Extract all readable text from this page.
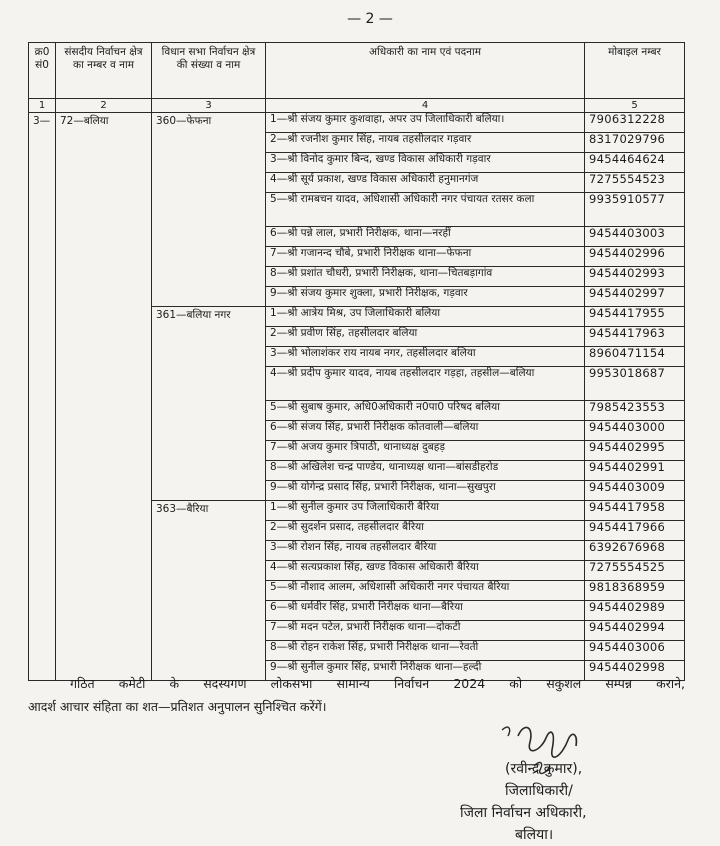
— 2 —
क्र0 सं0	संसदीय निर्वाचन क्षेत्र का नम्बर व नाम	विधान सभा निर्वाचन क्षेत्र की संख्या व नाम	अधिकारी का नाम एवं पदनाम	मोबाइल नम्बर
1	2	3	4	5
3—	72—बलिया	360—फेफना	1—श्री संजय कुमार कुशवाहा, अपर उप जिलाधिकारी बलिया।	7906312228
			2—श्री रजनीश कुमार सिंह, नायब तहसीलदार गड़वार	8317029796
			3—श्री विनोद कुमार बिन्द, खण्ड विकास अधिकारी गड़वार	9454464624
			4—श्री सूर्य प्रकाश, खण्ड विकास अधिकारी हनुमानगंज	7275554523
			5—श्री रामबचन यादव, अधिशासी अधिकारी नगर पंचायत रतसर कला	9935910577
			6—श्री पन्ने लाल, प्रभारी निरीक्षक, थाना—नरहीं	9454403003
			7—श्री गजानन्द चौबे, प्रभारी निरीक्षक थाना—फेफना	9454402996
			8—श्री प्रशांत चौधरी, प्रभारी निरीक्षक, थाना—चितबड़ागांव	9454402993
			9—श्री संजय कुमार शुक्ला, प्रभारी निरीक्षक, गड़वार	9454402997
		361—बलिया नगर	1—श्री आत्रेय मिश्र, उप जिलाधिकारी बलिया	9454417955
			2—श्री प्रवीण सिंह, तहसीलदार बलिया	9454417963
			3—श्री भोलाशंकर राय नायब नगर, तहसीलदार बलिया	8960471154
			4—श्री प्रदीप कुमार यादव, नायब तहसीलदार गड़हा, तहसील—बलिया	9953018687
			5—श्री सुबाष कुमार, अधि0अधिकारी न0पा0 परिषद बलिया	7985423553
			6—श्री संजय सिंह, प्रभारी निरीक्षक कोतवाली—बलिया	9454403000
			7—श्री अजय कुमार त्रिपाठी, थानाध्यक्ष दुबहड़	9454402995
			8—श्री अखिलेश चन्द्र पाण्डेय, थानाध्यक्ष थाना—बांसडीहरोड	9454402991
			9—श्री योगेन्द्र प्रसाद सिंह, प्रभारी निरीक्षक, थाना—सुखपुरा	9454403009
		363—बैरिया	1—श्री सुनील कुमार उप जिलाधिकारी बैरिया	9454417958
			2—श्री सुदर्शन प्रसाद, तहसीलदार बैरिया	9454417966
			3—श्री रोशन सिंह, नायब तहसीलदार बैरिया	6392676968
			4—श्री सत्यप्रकाश सिंह, खण्ड विकास अधिकारी बैरिया	7275554525
			5—श्री नौशाद आलम, अधिशासी अधिकारी नगर पंचायत बैरिया	9818368959
			6—श्री धर्मवीर सिंह, प्रभारी निरीक्षक थाना—बैरिया	9454402989
			7—श्री मदन पटेल, प्रभारी निरीक्षक थाना—दोकटी	9454402994
			8—श्री रोहन राकेश सिंह, प्रभारी निरीक्षक थाना—रेवती	9454403006
			9—श्री सुनील कुमार सिंह, प्रभारी निरीक्षक थाना—हल्दी	9454402998

गठित कमेटी के सदस्यगण लोकसभा सामान्य निर्वाचन 2024 को सकुशल सम्पन्न कराने,

आदर्श आचार संहिता का शत—प्रतिशत अनुपालन सुनिश्चित करेंगें।

(रवीन्द्र कुमार),
जिलाधिकारी/
जिला निर्वाचन अधिकारी,
बलिया।
